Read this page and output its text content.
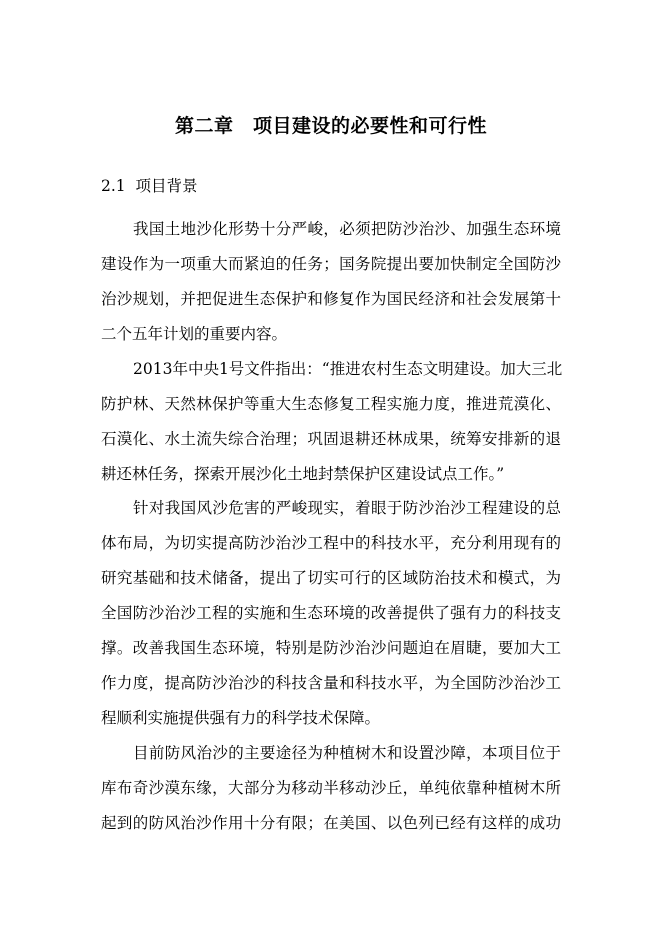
第二章　项目建设的必要性和可行性
2.1  项目背景
我国土地沙化形势十分严峻，必须把防沙治沙、加强生态环境
建设作为一项重大而紧迫的任务；国务院提出要加快制定全国防沙
治沙规划，并把促进生态保护和修复作为国民经济和社会发展第十
二个五年计划的重要内容。
2013年中央1号文件指出：“推进农村生态文明建设。加大三北
防护林、天然林保护等重大生态修复工程实施力度，推进荒漠化、
石漠化、水土流失综合治理；巩固退耕还林成果，统筹安排新的退
耕还林任务，探索开展沙化土地封禁保护区建设试点工作。”
针对我国风沙危害的严峻现实，着眼于防沙治沙工程建设的总
体布局，为切实提高防沙治沙工程中的科技水平，充分利用现有的
研究基础和技术储备，提出了切实可行的区域防治技术和模式，为
全国防沙治沙工程的实施和生态环境的改善提供了强有力的科技支
撑。改善我国生态环境，特别是防沙治沙问题迫在眉睫，要加大工
作力度，提高防沙治沙的科技含量和科技水平，为全国防沙治沙工
程顺利实施提供强有力的科学技术保障。
目前防风治沙的主要途径为种植树木和设置沙障，本项目位于
库布奇沙漠东缘，大部分为移动半移动沙丘，单纯依靠种植树木所
起到的防风治沙作用十分有限；在美国、以色列已经有这样的成功
